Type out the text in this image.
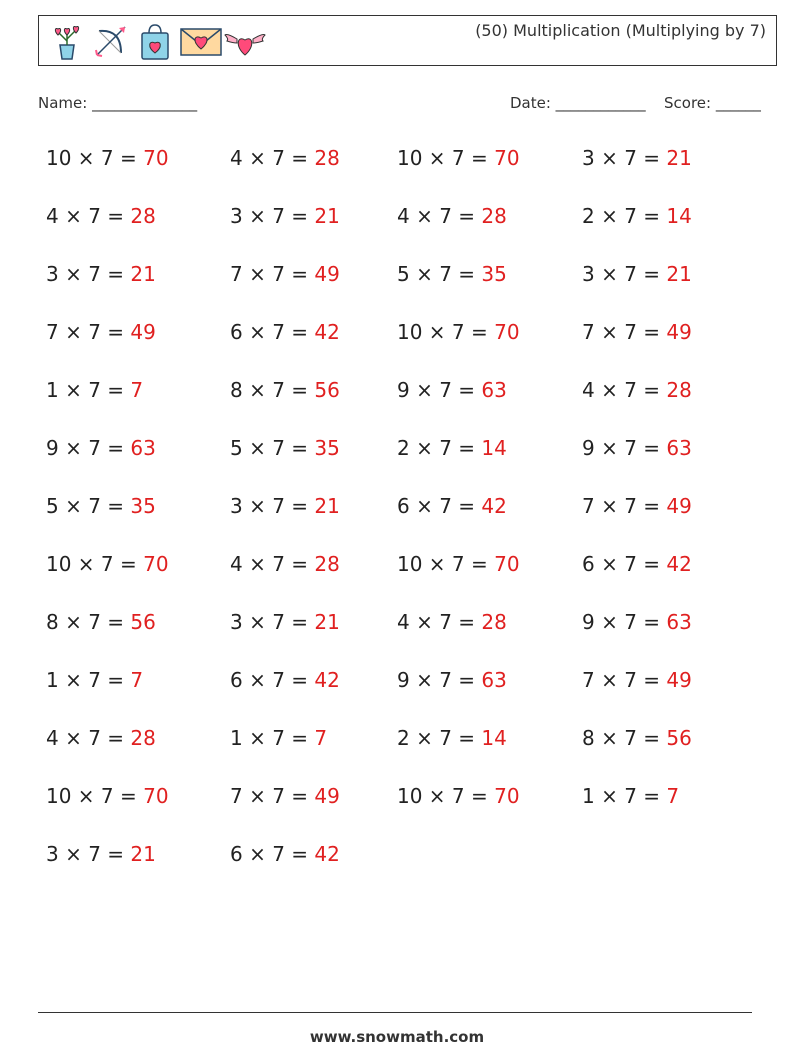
(50) Multiplication (Multiplying by 7)
Name: ______________	Date: ____________ Score: ______
10 × 7 = 70	4 × 7 = 28	10 × 7 = 70	3 × 7 = 21
4 × 7 = 28	3 × 7 = 21	4 × 7 = 28	2 × 7 = 14
3 × 7 = 21	7 × 7 = 49	5 × 7 = 35	3 × 7 = 21
7 × 7 = 49	6 × 7 = 42	10 × 7 = 70	7 × 7 = 49
1 × 7 = 7	8 × 7 = 56	9 × 7 = 63	4 × 7 = 28
9 × 7 = 63	5 × 7 = 35	2 × 7 = 14	9 × 7 = 63
5 × 7 = 35	3 × 7 = 21	6 × 7 = 42	7 × 7 = 49
10 × 7 = 70	4 × 7 = 28	10 × 7 = 70	6 × 7 = 42
8 × 7 = 56	3 × 7 = 21	4 × 7 = 28	9 × 7 = 63
1 × 7 = 7	6 × 7 = 42	9 × 7 = 63	7 × 7 = 49
4 × 7 = 28	1 × 7 = 7	2 × 7 = 14	8 × 7 = 56
10 × 7 = 70	7 × 7 = 49	10 × 7 = 70	1 × 7 = 7
3 × 7 = 21	6 × 7 = 42
www.snowmath.com
